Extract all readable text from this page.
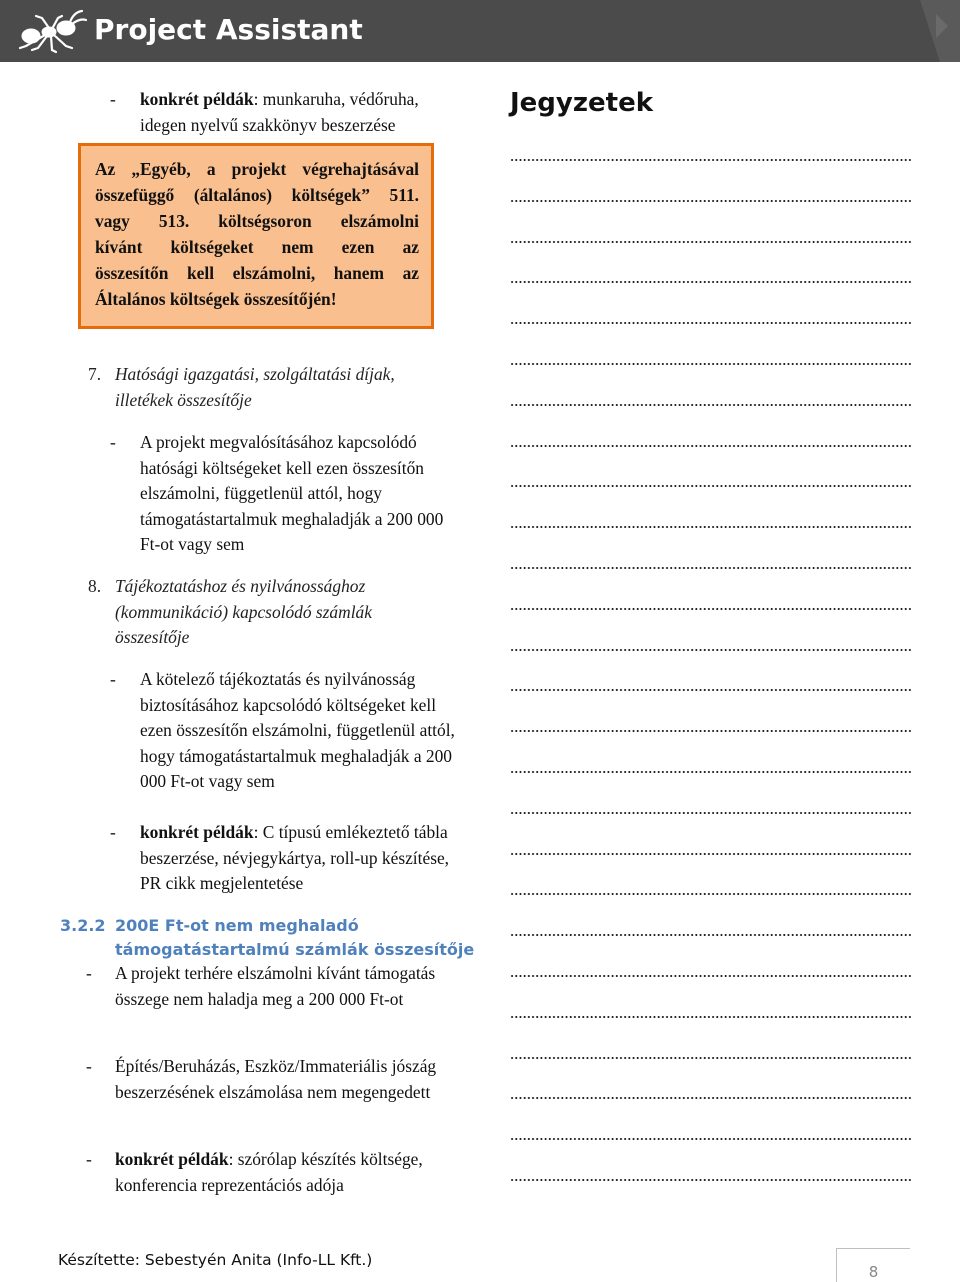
Project Assistant
-	konkrét példák: munkaruha, védőruha, idegen nyelvű szakkönyv beszerzése
Az „Egyéb, a projekt végrehajtásával
összefüggő (általános) költségek” 511.
vagy 513. költségsoron elszámolni
kívánt költségeket nem ezen az
összesítőn kell elszámolni, hanem az
Általános költségek összesítőjén!
7. Hatósági igazgatási, szolgáltatási díjak, illetékek összesítője
-	A projekt megvalósításához kapcsolódó hatósági költségeket kell ezen összesítőn elszámolni, függetlenül attól, hogy támogatástartalmuk meghaladják a 200 000 Ft-ot vagy sem
8. Tájékoztatáshoz és nyilvánossághoz (kommunikáció) kapcsolódó számlák összesítője
-	A kötelező tájékoztatás és nyilvánosság biztosításához kapcsolódó költségeket kell ezen összesítőn elszámolni, függetlenül attól, hogy támogatástartalmuk meghaladják a 200 000 Ft-ot vagy sem
-	konkrét példák: C típusú emlékeztető tábla beszerzése, névjegykártya, roll-up készítése, PR cikk megjelentetése
3.2.2 200E Ft-ot nem meghaladó támogatástartalmú számlák összesítője
-	A projekt terhére elszámolni kívánt támogatás összege nem haladja meg a 200 000 Ft-ot
-	Építés/Beruházás, Eszköz/Immateriális jószág beszerzésének elszámolása nem megengedett
-	konkrét példák: szórólap készítés költsége, konferencia reprezentációs adója
Jegyzetek
Készítette: Sebestyén Anita (Info-LL Kft.)
8
